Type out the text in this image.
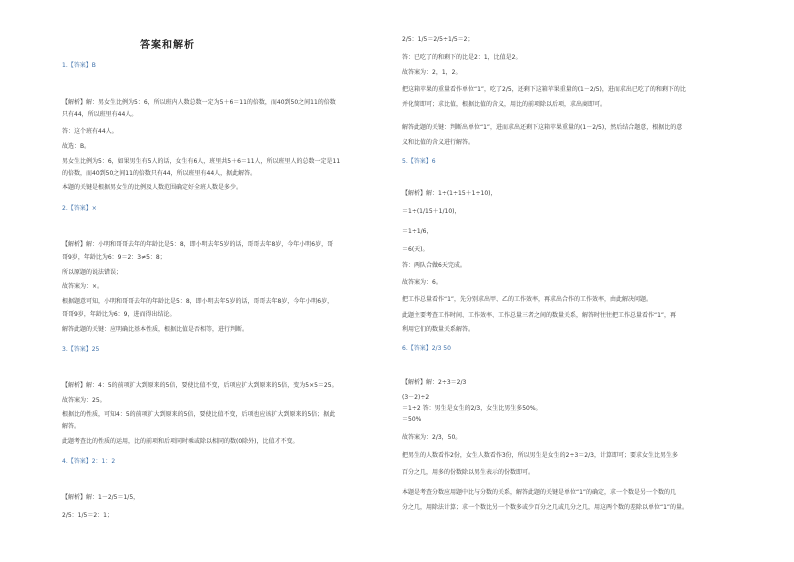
答案和解析
1.【答案】B
【解析】解：男女生比例为5：6，所以班内人数总数一定为5＋6＝11的倍数，而40到50之间11的倍数
只有44，所以班里有44人。
答：这个班有44人。
故选：B。
男女生比例为5：6，如果男生有5人的话，女生有6人，班里共5＋6＝11人，所以班里人的总数一定是11
的倍数，而40到50之间11的倍数只有44，所以班里有44人，据此解答。
本题的关键是根据男女生的比例及人数范围确定好全班人数是多少。
2.【答案】×
【解析】解：小明和哥哥去年的年龄比是5：8，即小明去年5岁的话，哥哥去年8岁，今年小明6岁，哥
哥9岁，年龄比为6：9＝2：3≠5：8；
所以原题的说法错误；
故答案为：×。
根据题意可知，小明和哥哥去年的年龄比是5：8，即小明去年5岁的话，哥哥去年8岁，今年小明6岁，
哥哥9岁，年龄比为6：9，进而得出结论。
解答此题的关键：应明确比基本性质，根据比值是否相等，进行判断。
3.【答案】25
【解析】解：4：5的前项扩大到原来的5倍，要使比值不变，后项应扩大到原来的5倍，变为5×5＝25。
故答案为：25。
根据比的性质，可知4：5的前项扩大到原来的5倍，要使比值不变，后项也应该扩大到原来的5倍；据此
解答。
此题考查比的性质的运用，比的前项和后项同时乘或除以相同的数(0除外)，比值才不变。
4.【答案】2：1：2
【解析】解：1－2/5＝1/5，
2/5：1/5＝2：1；
2/5：1/5＝2/5÷1/5＝2；
答：已吃了的和剩下的比是2：1，比值是2。
故答案为：2，1，2。
把这箱苹果的重量看作单位“1”，吃了2/5，还剩下这箱苹果重量的(1－2/5)，进而求出已吃了的和剩下的比
并化简即可；求比值，根据比值的含义，用比的前项除以后项，求出商即可。
解答此题的关键：判断出单位“1”，进而求出还剩下这箱苹果重量的(1－2/5)，然后结合题意，根据比的意
义和比值的含义进行解答。
5.【答案】6
【解析】解：1÷(1÷15＋1÷10)，
＝1÷(1/15＋1/10)，
＝1÷1/6，
＝6(天)。
答：两队合做6天完成。
故答案为：6。
把工作总量看作“1”，先分别求出甲、乙的工作效率，再求出合作的工作效率，由此解决问题。
此题主要考查工作时间、工作效率、工作总量三者之间的数量关系，解答时往往把工作总量看作“1”，再
利用它们的数量关系解答。
6.【答案】2/3 50
【解析】解：2÷3＝2/3
(3－2)÷2
＝1÷2 答：男生是女生的2/3，女生比男生多50%。
＝50%
故答案为：2/3，50。
把男生的人数看作2份，女生人数看作3份，所以男生是女生的2÷3＝2/3，计算即可；要求女生比男生多
百分之几，用多的份数除以男生表示的份数即可。
本题是考查分数应用题中比与分数的关系，解答此题的关键是单位“1”的确定，求一个数是另一个数的几
分之几，用除法计算；求一个数比另一个数多或少百分之几或几分之几，用这两个数的差除以单位“1”的量。
